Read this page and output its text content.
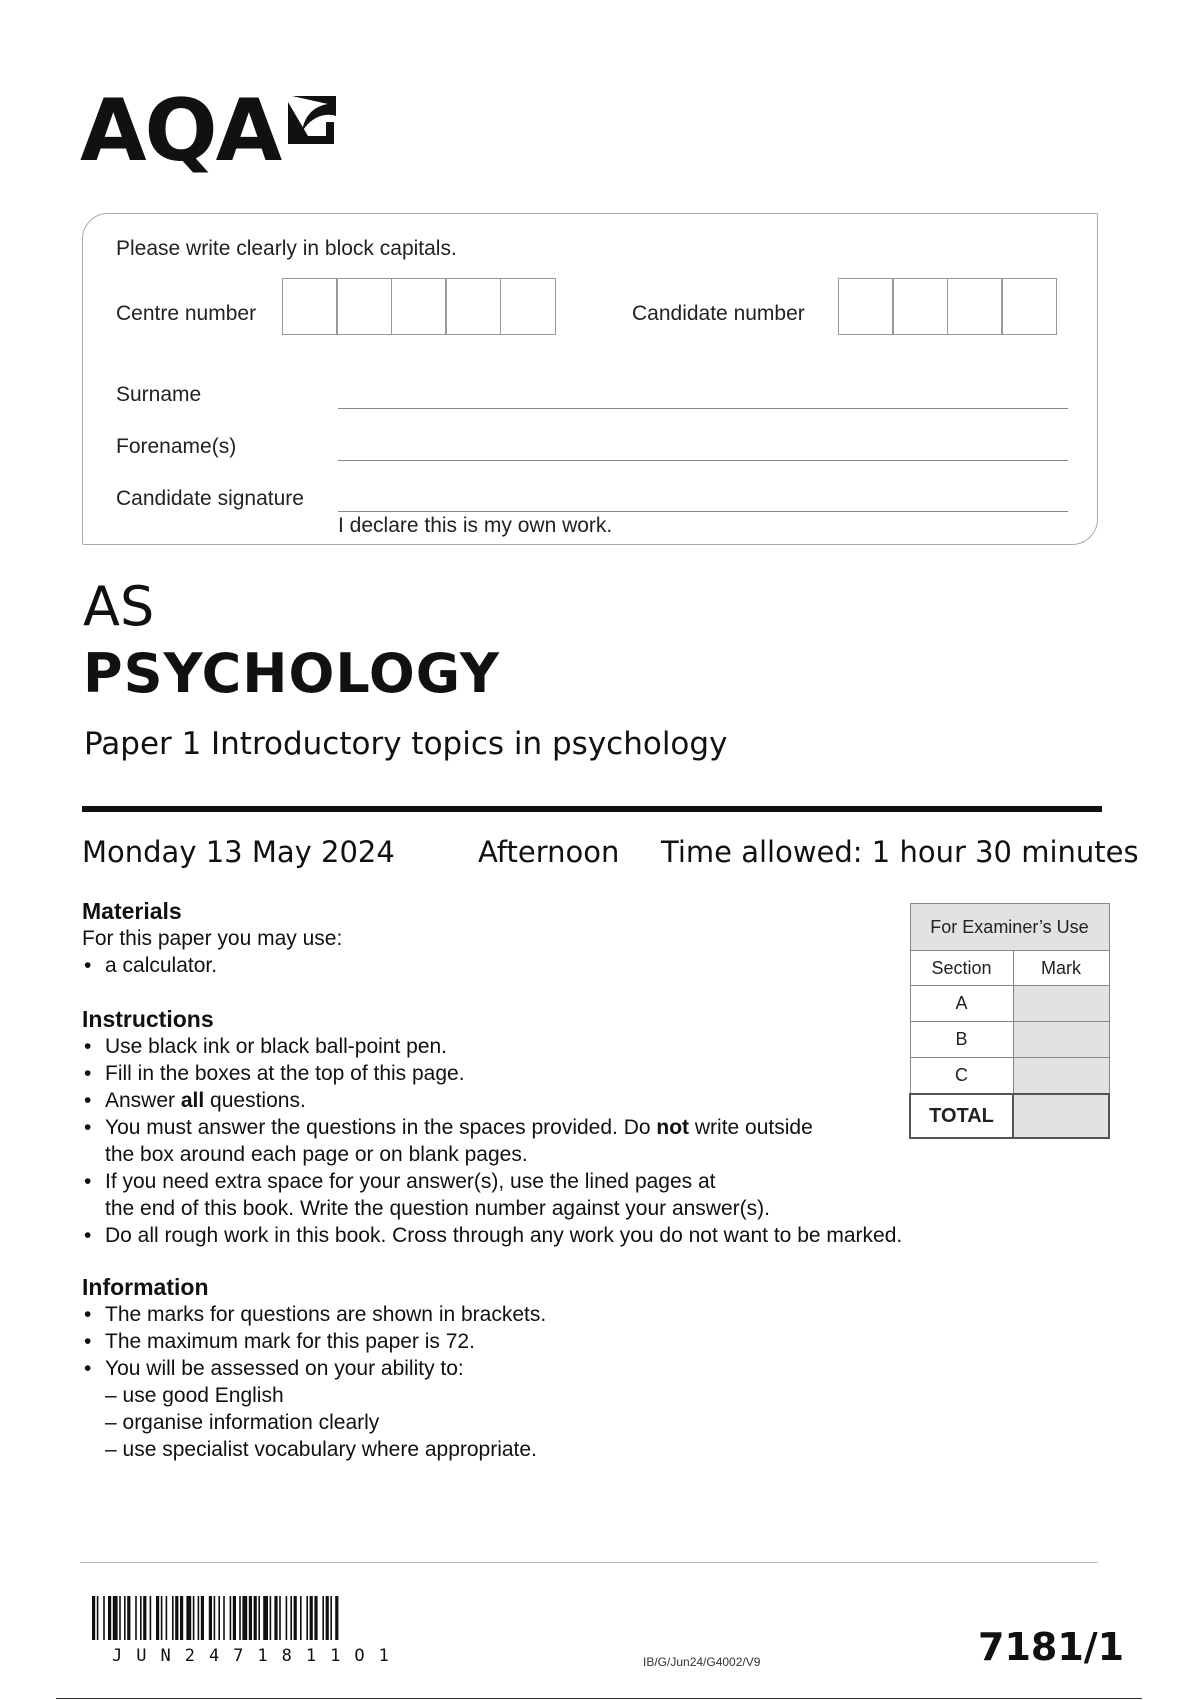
AQA
Please write clearly in block capitals.
Centre number	Candidate number
Surname
Forename(s)
Candidate signature
I declare this is my own work.
AS
PSYCHOLOGY
Paper 1 Introductory topics in psychology
Monday 13 May 2024	Afternoon Time allowed: 1 hour 30 minutes
Materials
For this paper you may use:
• a calculator.
Instructions
• Use black ink or black ball-point pen.
• Fill in the boxes at the top of this page.
• Answer all questions.
• You must answer the questions in the spaces provided. Do not write outside
the box around each page or on blank pages.
• If you need extra space for your answer(s), use the lined pages at
the end of this book. Write the question number against your answer(s).
• Do all rough work in this book. Cross through any work you do not want to be marked.
Information
• The marks for questions are shown in brackets.
• The maximum mark for this paper is 72.
• You will be assessed on your ability to:
– use good English
– organise information clearly
– use specialist vocabulary where appropriate.
For Examiner’s Use	
Section	Mark
A	
B	
C	
TOTAL	
JUN2471811O1	IB/G/Jun24/G4002/V9	7181/1
